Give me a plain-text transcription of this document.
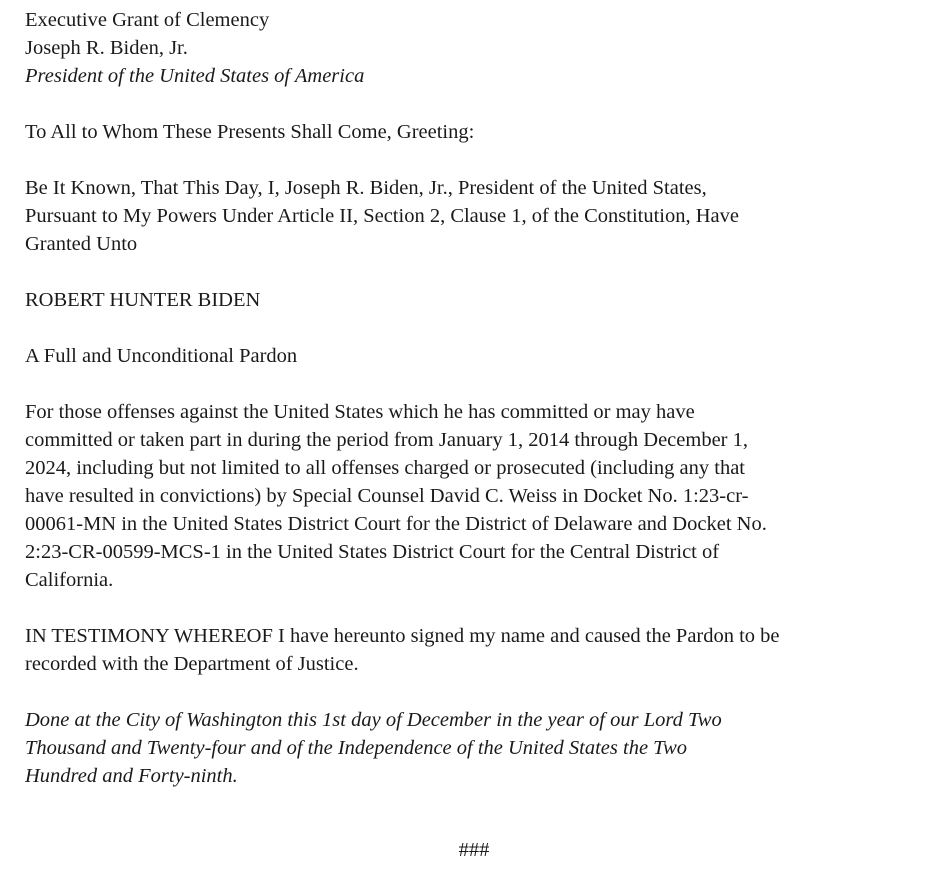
Executive Grant of Clemency

Joseph R. Biden, Jr.

President of the United States of America

To All to Whom These Presents Shall Come, Greeting:

Be It Known, That This Day, I, Joseph R. Biden, Jr., President of the United States,

Pursuant to My Powers Under Article II, Section 2, Clause 1, of the Constitution, Have

Granted Unto

ROBERT HUNTER BIDEN

A Full and Unconditional Pardon

For those offenses against the United States which he has committed or may have

committed or taken part in during the period from January 1, 2014 through December 1,

2024, including but not limited to all offenses charged or prosecuted (including any that

have resulted in convictions) by Special Counsel David C. Weiss in Docket No. 1:23-cr-

00061-MN in the United States District Court for the District of Delaware and Docket No.

2:23-CR-00599-MCS-1 in the United States District Court for the Central District of

California.

IN TESTIMONY WHEREOF I have hereunto signed my name and caused the Pardon to be

recorded with the Department of Justice.

Done at the City of Washington this 1st day of December in the year of our Lord Two

Thousand and Twenty-four and of the Independence of the United States the Two

Hundred and Forty-ninth.

###
